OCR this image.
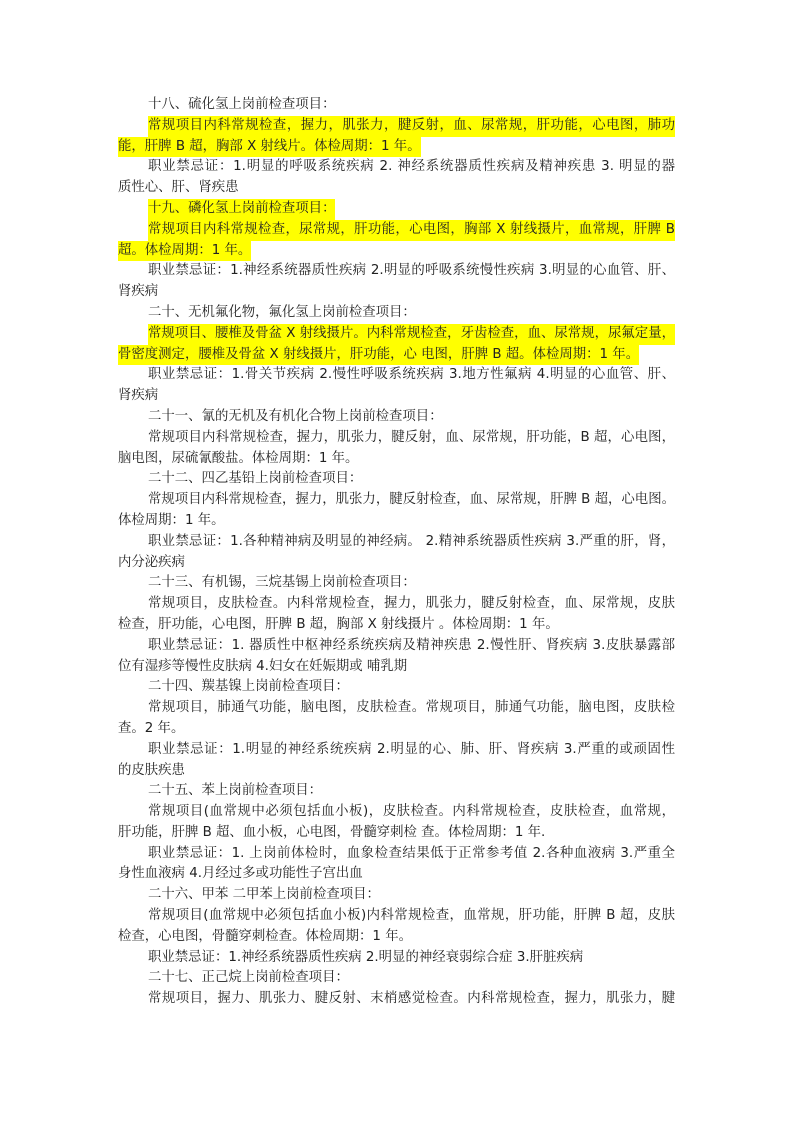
十八、硫化氢上岗前检查项目：
常规项目内科常规检查，握力，肌张力，腱反射，血、尿常规，肝功能，心电图，肺功
能，肝脾 B 超，胸部 X 射线片。体检周期：1 年。
职业禁忌证：1.明显的呼吸系统疾病 2. 神经系统器质性疾病及精神疾患 3. 明显的器
质性心、肝、肾疾患
十九、磷化氢上岗前检查项目：
常规项目内科常规检查，尿常规，肝功能，心电图，胸部 X 射线摄片，血常规，肝脾 B
超。体检周期：1 年。
职业禁忌证：1.神经系统器质性疾病 2.明显的呼吸系统慢性疾病 3.明显的心血管、肝、
肾疾病
二十、无机氟化物，氟化氢上岗前检查项目：
常规项目、腰椎及骨盆 X 射线摄片。内科常规检查，牙齿检查，血、尿常规，尿氟定量，
骨密度测定，腰椎及骨盆 X 射线摄片，肝功能，心 电图，肝脾 B 超。体检周期：1 年。
职业禁忌证：1.骨关节疾病 2.慢性呼吸系统疾病 3.地方性氟病 4.明显的心血管、肝、
肾疾病
二十一、氰的无机及有机化合物上岗前检查项目：
常规项目内科常规检查，握力，肌张力，腱反射，血、尿常规，肝功能，B 超，心电图，
脑电图，尿硫氰酸盐。体检周期：1 年。
二十二、四乙基铅上岗前检查项目：
常规项目内科常规检查，握力，肌张力，腱反射检查，血、尿常规，肝脾 B 超，心电图。
体检周期：1 年。
职业禁忌证：1.各种精神病及明显的神经病。 2.精神系统器质性疾病 3.严重的肝，肾，
内分泌疾病
二十三、有机锡，三烷基锡上岗前检查项目：
常规项目，皮肤检查。内科常规检查，握力，肌张力，腱反射检查，血、尿常规，皮肤
检查，肝功能，心电图，肝脾 B 超，胸部 X 射线摄片 。体检周期：1 年。
职业禁忌证：1. 器质性中枢神经系统疾病及精神疾患 2.慢性肝、肾疾病 3.皮肤暴露部
位有湿疹等慢性皮肤病 4.妇女在妊娠期或 哺乳期
二十四、羰基镍上岗前检查项目：
常规项目，肺通气功能，脑电图，皮肤检查。常规项目，肺通气功能，脑电图，皮肤检
查。2 年。
职业禁忌证：1.明显的神经系统疾病 2.明显的心、肺、肝、肾疾病 3.严重的或顽固性
的皮肤疾患
二十五、苯上岗前检查项目：
常规项目(血常规中必须包括血小板)，皮肤检查。内科常规检查，皮肤检查，血常规，
肝功能，肝脾 B 超、血小板，心电图，骨髓穿刺检 查。体检周期：1 年.
职业禁忌证：1. 上岗前体检时，血象检查结果低于正常参考值 2.各种血液病 3.严重全
身性血液病 4.月经过多或功能性子宫出血
二十六、甲苯 二甲苯上岗前检查项目：
常规项目(血常规中必须包括血小板)内科常规检查，血常规，肝功能，肝脾 B 超，皮肤
检查，心电图，骨髓穿刺检查。体检周期：1 年。
职业禁忌证：1.神经系统器质性疾病 2.明显的神经衰弱综合症 3.肝脏疾病
二十七、正己烷上岗前检查项目：
常规项目，握力、肌张力、腱反射、末梢感觉检查。内科常规检查，握力，肌张力，腱
